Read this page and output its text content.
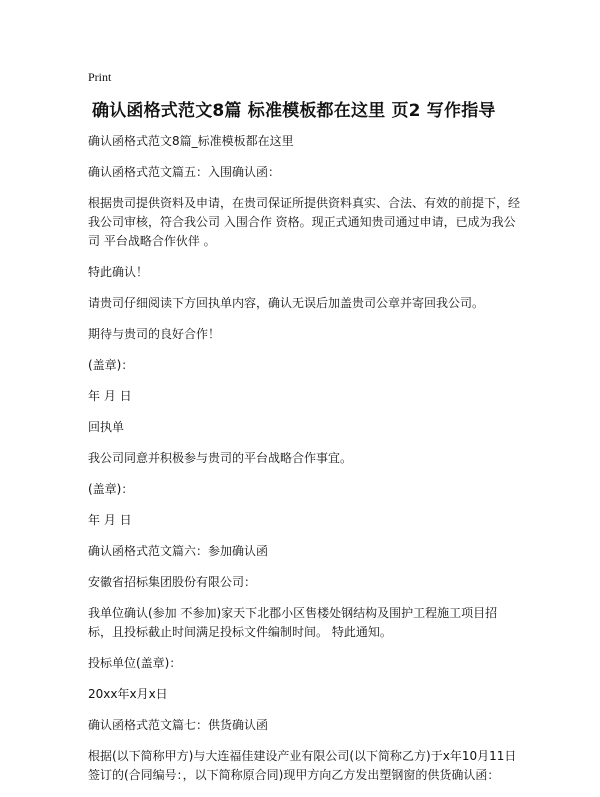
Print
确认函格式范文8篇 标准模板都在这里 页2 写作指导

确认函格式范文8篇_标准模板都在这里

确认函格式范文篇五：入围确认函：

根据贵司提供资料及申请，在贵司保证所提供资料真实、合法、有效的前提下，经我公司审核，符合我公司 入围合作 资格。现正式通知贵司通过申请，已成为我公司 平台战略合作伙伴 。

特此确认！

请贵司仔细阅读下方回执单内容，确认无误后加盖贵司公章并寄回我公司。

期待与贵司的良好合作！

(盖章)：

年 月 日

回执单

我公司同意并积极参与贵司的平台战略合作事宜。

(盖章)：

年 月 日

确认函格式范文篇六：参加确认函

安徽省招标集团股份有限公司：

我单位确认(参加 不参加)家天下北郡小区售楼处钢结构及围护工程施工项目招标，且投标截止时间满足投标文件编制时间。 特此通知。

投标单位(盖章)：

20xx年x月x日

确认函格式范文篇七：供货确认函

根据(以下简称甲方)与大连福佳建设产业有限公司(以下简称乙方)于x年10月11日签订的(合同编号：，以下简称原合同)现甲方向乙方发出塑钢窗的供货确认函：
